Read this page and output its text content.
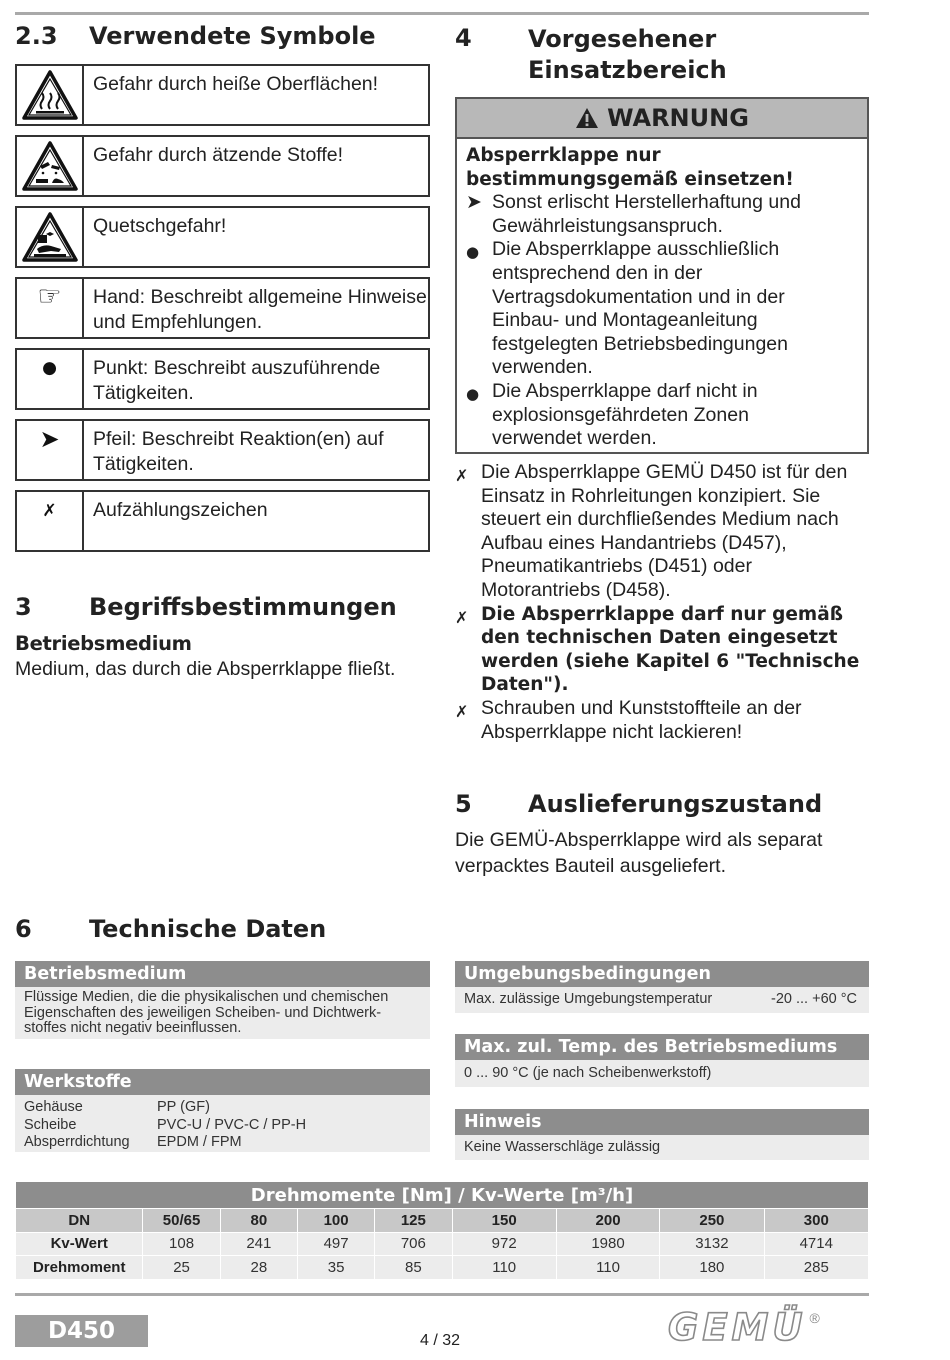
2.3 Verwendete Symbole
Gefahr durch heiße Oberflächen!
Gefahr durch ätzende Stoffe!
Quetschgefahr!
☞	Hand: Beschreibt allgemeine Hinweise und Empfehlungen.
●	Punkt: Beschreibt auszuführende Tätigkeiten.
➤	Pfeil: Beschreibt Reaktion(en) auf Tätigkeiten.
✗	Aufzählungszeichen
3 Begriffsbestimmungen
Betriebsmedium
Medium, das durch die Absperrklappe fließt.
4 Vorgesehener
Einsatzbereich
WARNUNG
Absperrklappe nur bestimmungsgemäß einsetzen!
➤ Sonst erlischt Herstellerhaftung und Gewährleistungsanspruch.
● Die Absperrklappe ausschließlich entsprechend den in der Vertragsdokumentation und in der Einbau- und Montageanleitung festgelegten Betriebsbedingungen verwenden.
● Die Absperrklappe darf nicht in explosionsgefährdeten Zonen verwendet werden.
✗ Die Absperrklappe GEMÜ D450 ist für den Einsatz in Rohrleitungen konzipiert. Sie steuert ein durchfließendes Medium nach Aufbau eines Handantriebs (D457), Pneumatikantriebs (D451) oder Motorantriebs (D458).
✗ Die Absperrklappe darf nur gemäß den technischen Daten eingesetzt werden (siehe Kapitel 6 "Technische Daten").
✗ Schrauben und Kunststoffteile an der Absperrklappe nicht lackieren!
5 Auslieferungszustand
Die GEMÜ-Absperrklappe wird als separat verpacktes Bauteil ausgeliefert.
6 Technische Daten
Betriebsmedium
Flüssige Medien, die die physikalischen und chemischen Eigenschaften des jeweiligen Scheiben- und Dichtwerk-stoffes nicht negativ beeinflussen.
Werkstoffe
Gehäuse	PP (GF)
Scheibe	PVC-U / PVC-C / PP-H
Absperrdichtung	EPDM / FPM
Umgebungsbedingungen
Max. zulässige Umgebungstemperatur	-20 ... +60 °C
Max. zul. Temp. des Betriebsmediums
0 ... 90 °C (je nach Scheibenwerkstoff)
Hinweis
Keine Wasserschläge zulässig
Drehmomente [Nm] / Kv-Werte [m³/h]								
DN	50/65	80	100	125	150	200	250	300
Kv-Wert	108	241	497	706	972	1980	3132	4714
Drehmoment	25	28	35	85	110	110	180	285
D450	4 / 32	GEMÜ ®
